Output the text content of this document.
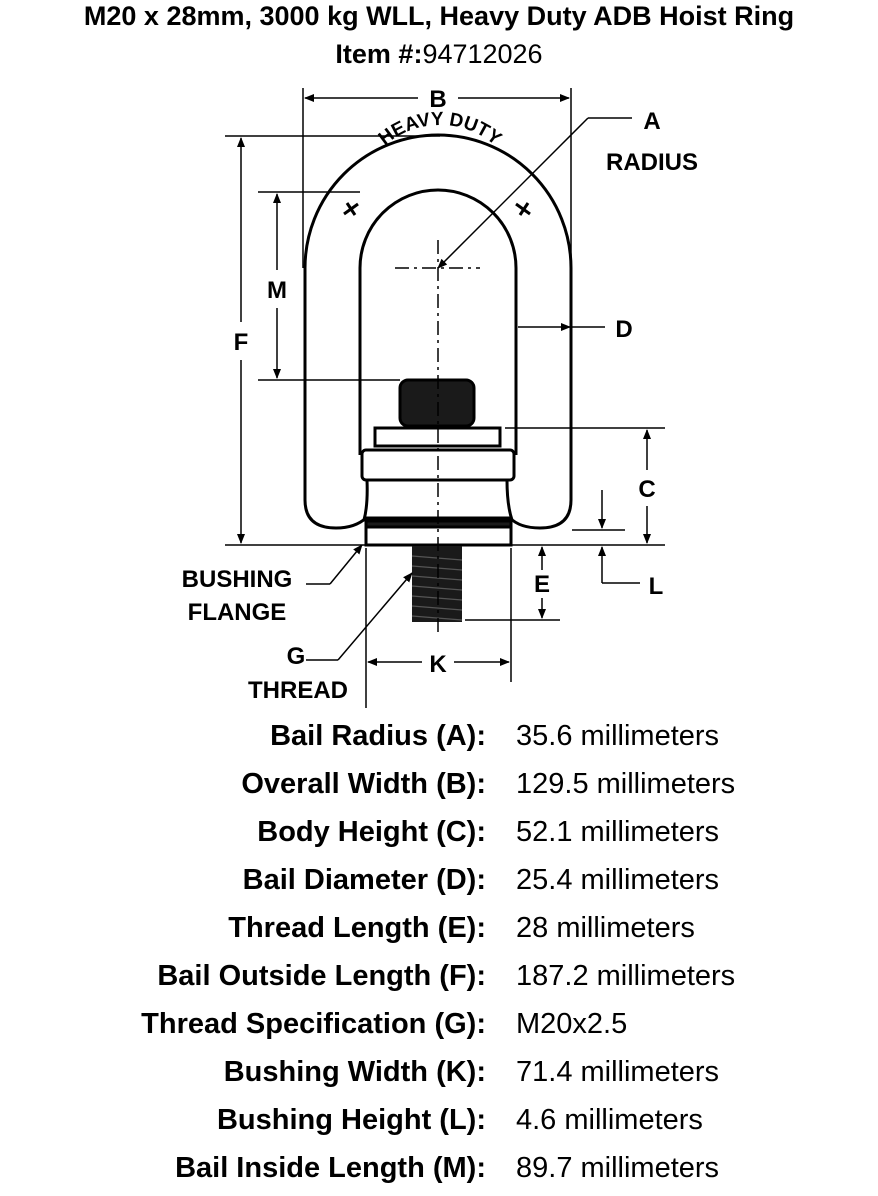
M20 x 28mm, 3000 kg WLL, Heavy Duty ADB Hoist Ring
Item #:94712026
HEAVY DUTY
B
A
RADIUS
M
F	D
C
L
E
K
BUSHING
FLANGE
G
THREAD
Bail Radius (A): 35.6 millimeters
Overall Width (B): 129.5 millimeters
Body Height (C): 52.1 millimeters
Bail Diameter (D): 25.4 millimeters
Thread Length (E): 28 millimeters
Bail Outside Length (F): 187.2 millimeters
Thread Specification (G): M20x2.5
Bushing Width (K): 71.4 millimeters
Bushing Height (L): 4.6 millimeters
Bail Inside Length (M): 89.7 millimeters
